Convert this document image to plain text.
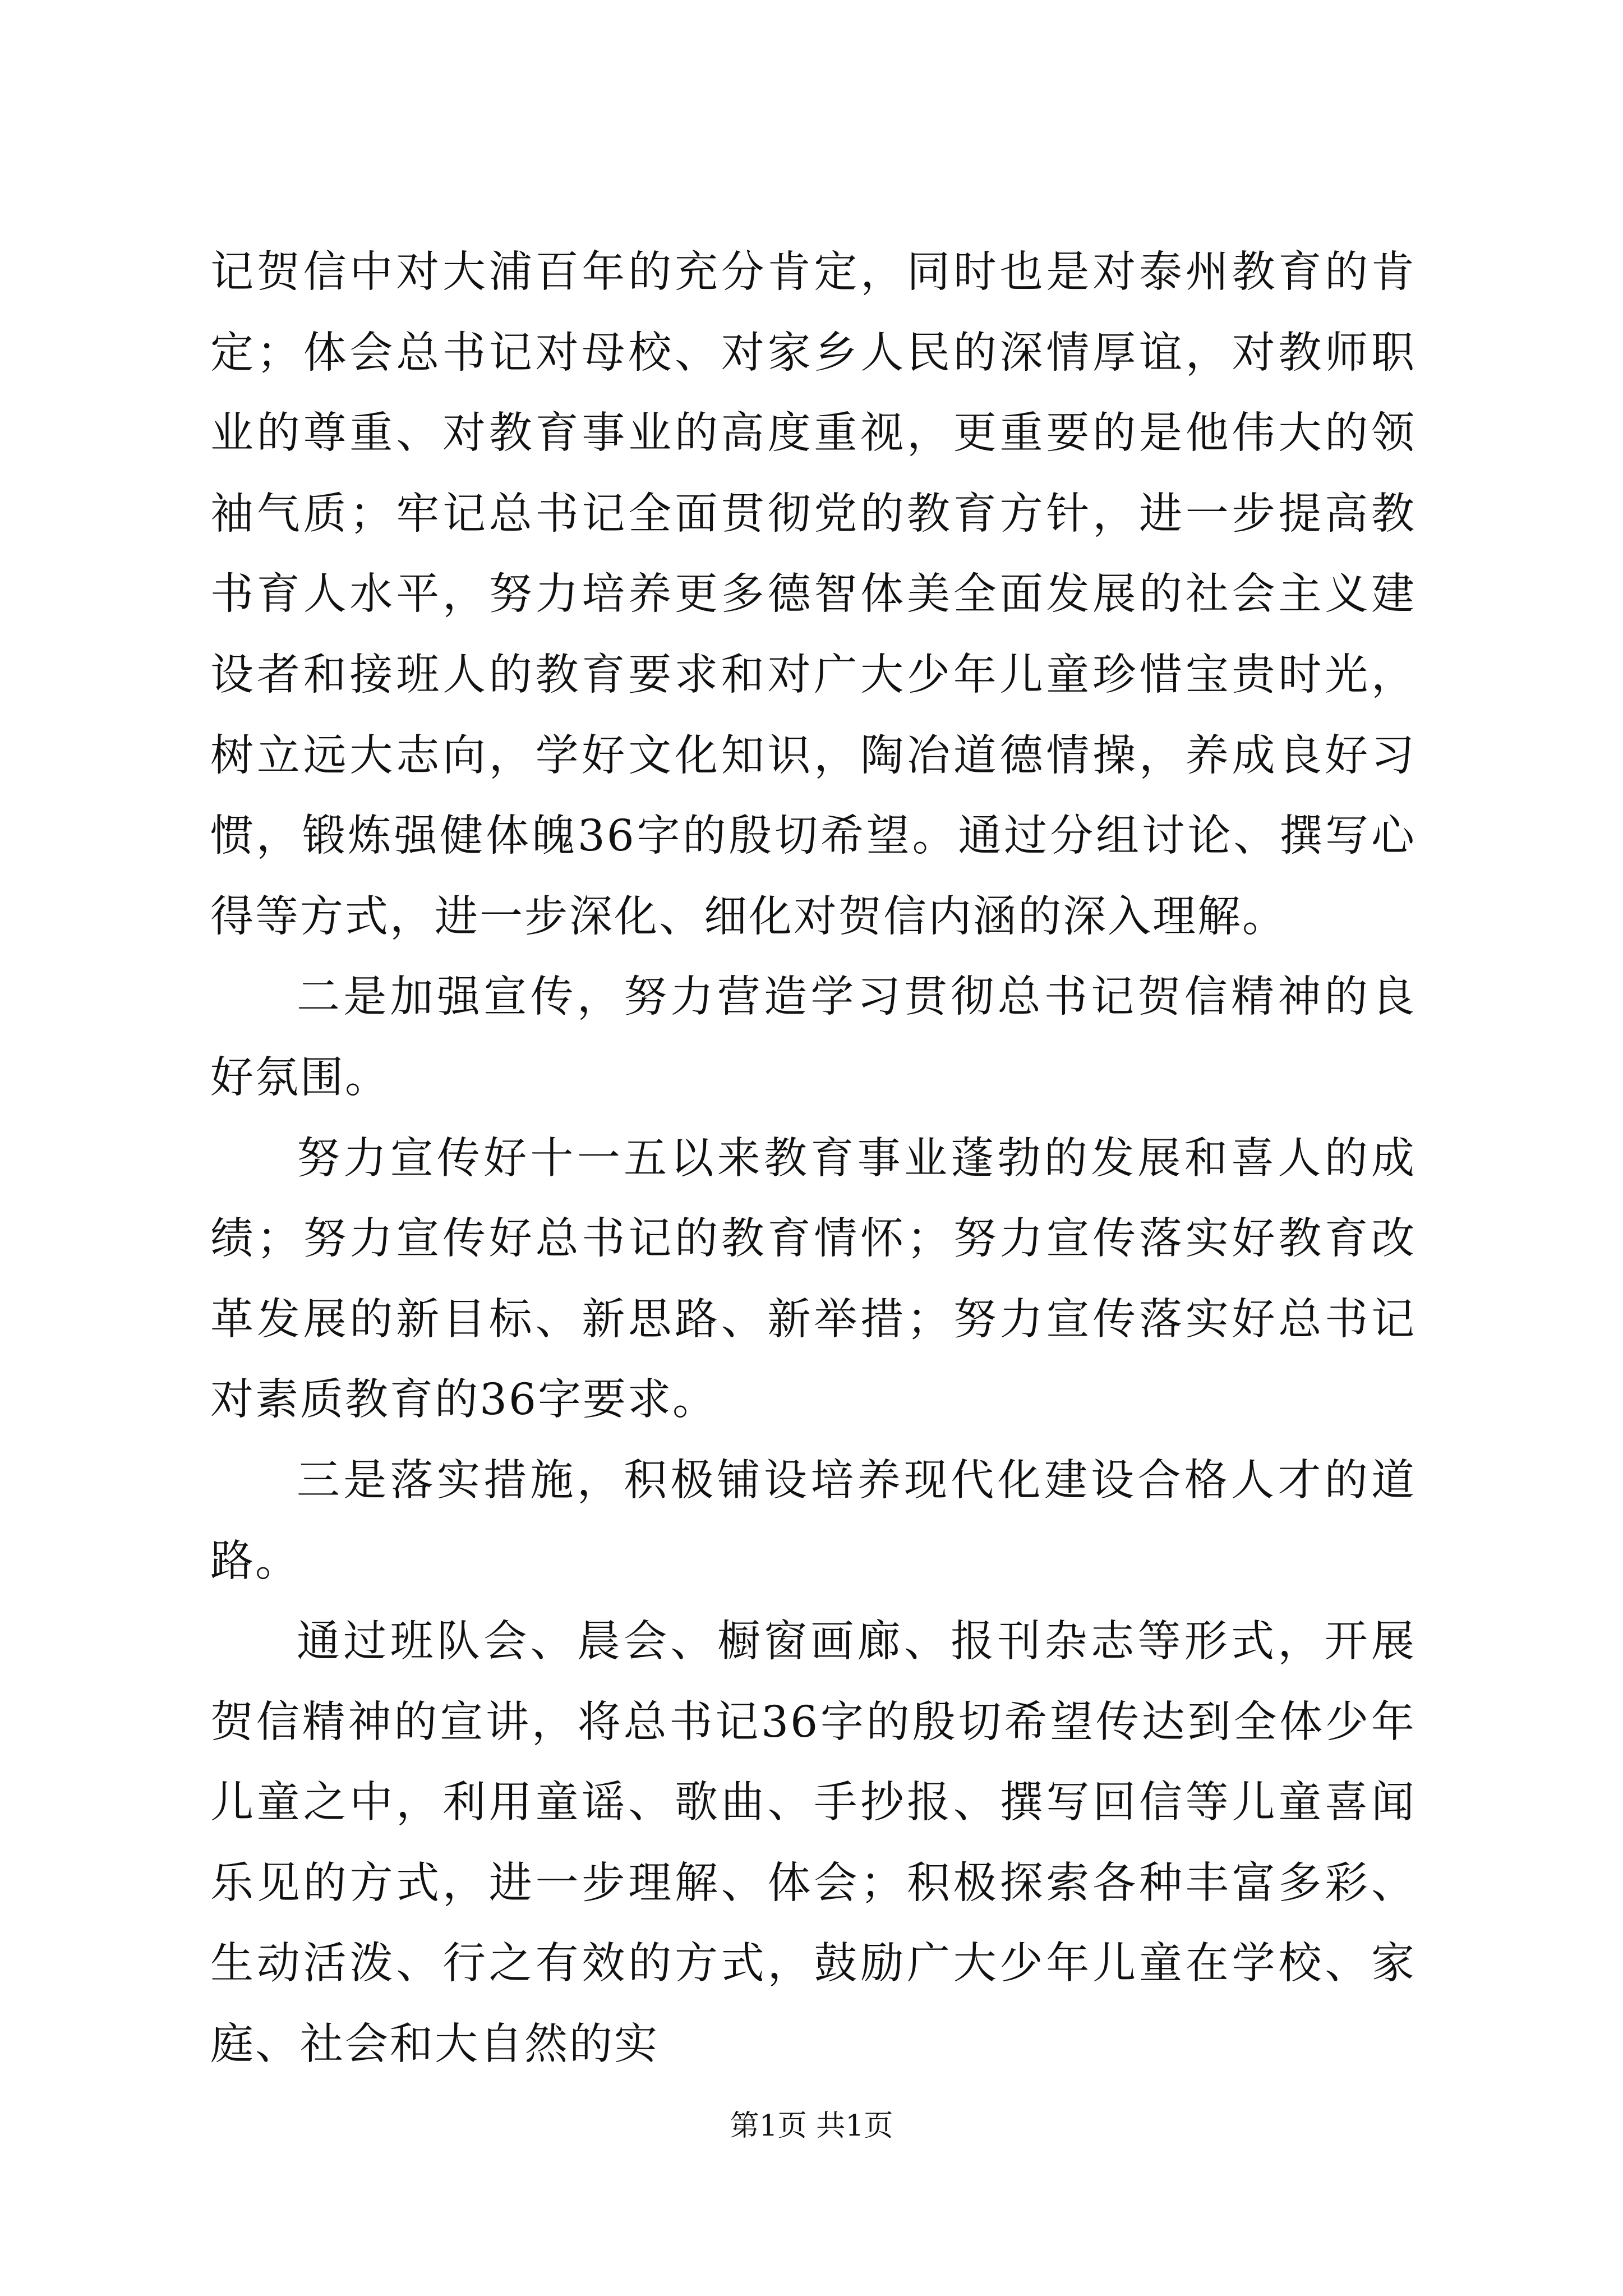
记贺信中对大浦百年的充分肯定，同时也是对泰州教育的肯定；体会总书记对母校、对家乡人民的深情厚谊，对教师职业的尊重、对教育事业的高度重视，更重要的是他伟大的领袖气质；牢记总书记全面贯彻党的教育方针，进一步提高教书育人水平，努力培养更多德智体美全面发展的社会主义建设者和接班人的教育要求和对广大少年儿童珍惜宝贵时光，树立远大志向，学好文化知识，陶冶道德情操，养成良好习惯，锻炼强健体魄36字的殷切希望。通过分组讨论、撰写心得等方式，进一步深化、细化对贺信内涵的深入理解。

二是加强宣传，努力营造学习贯彻总书记贺信精神的良好氛围。

努力宣传好十一五以来教育事业蓬勃的发展和喜人的成绩；努力宣传好总书记的教育情怀；努力宣传落实好教育改革发展的新目标、新思路、新举措；努力宣传落实好总书记对素质教育的36字要求。

三是落实措施，积极铺设培养现代化建设合格人才的道路。

通过班队会、晨会、橱窗画廊、报刊杂志等形式，开展贺信精神的宣讲，将总书记36字的殷切希望传达到全体少年儿童之中，利用童谣、歌曲、手抄报、撰写回信等儿童喜闻乐见的方式，进一步理解、体会；积极探索各种丰富多彩、生动活泼、行之有效的方式，鼓励广大少年儿童在学校、家庭、社会和大自然的实

第1页 共1页
